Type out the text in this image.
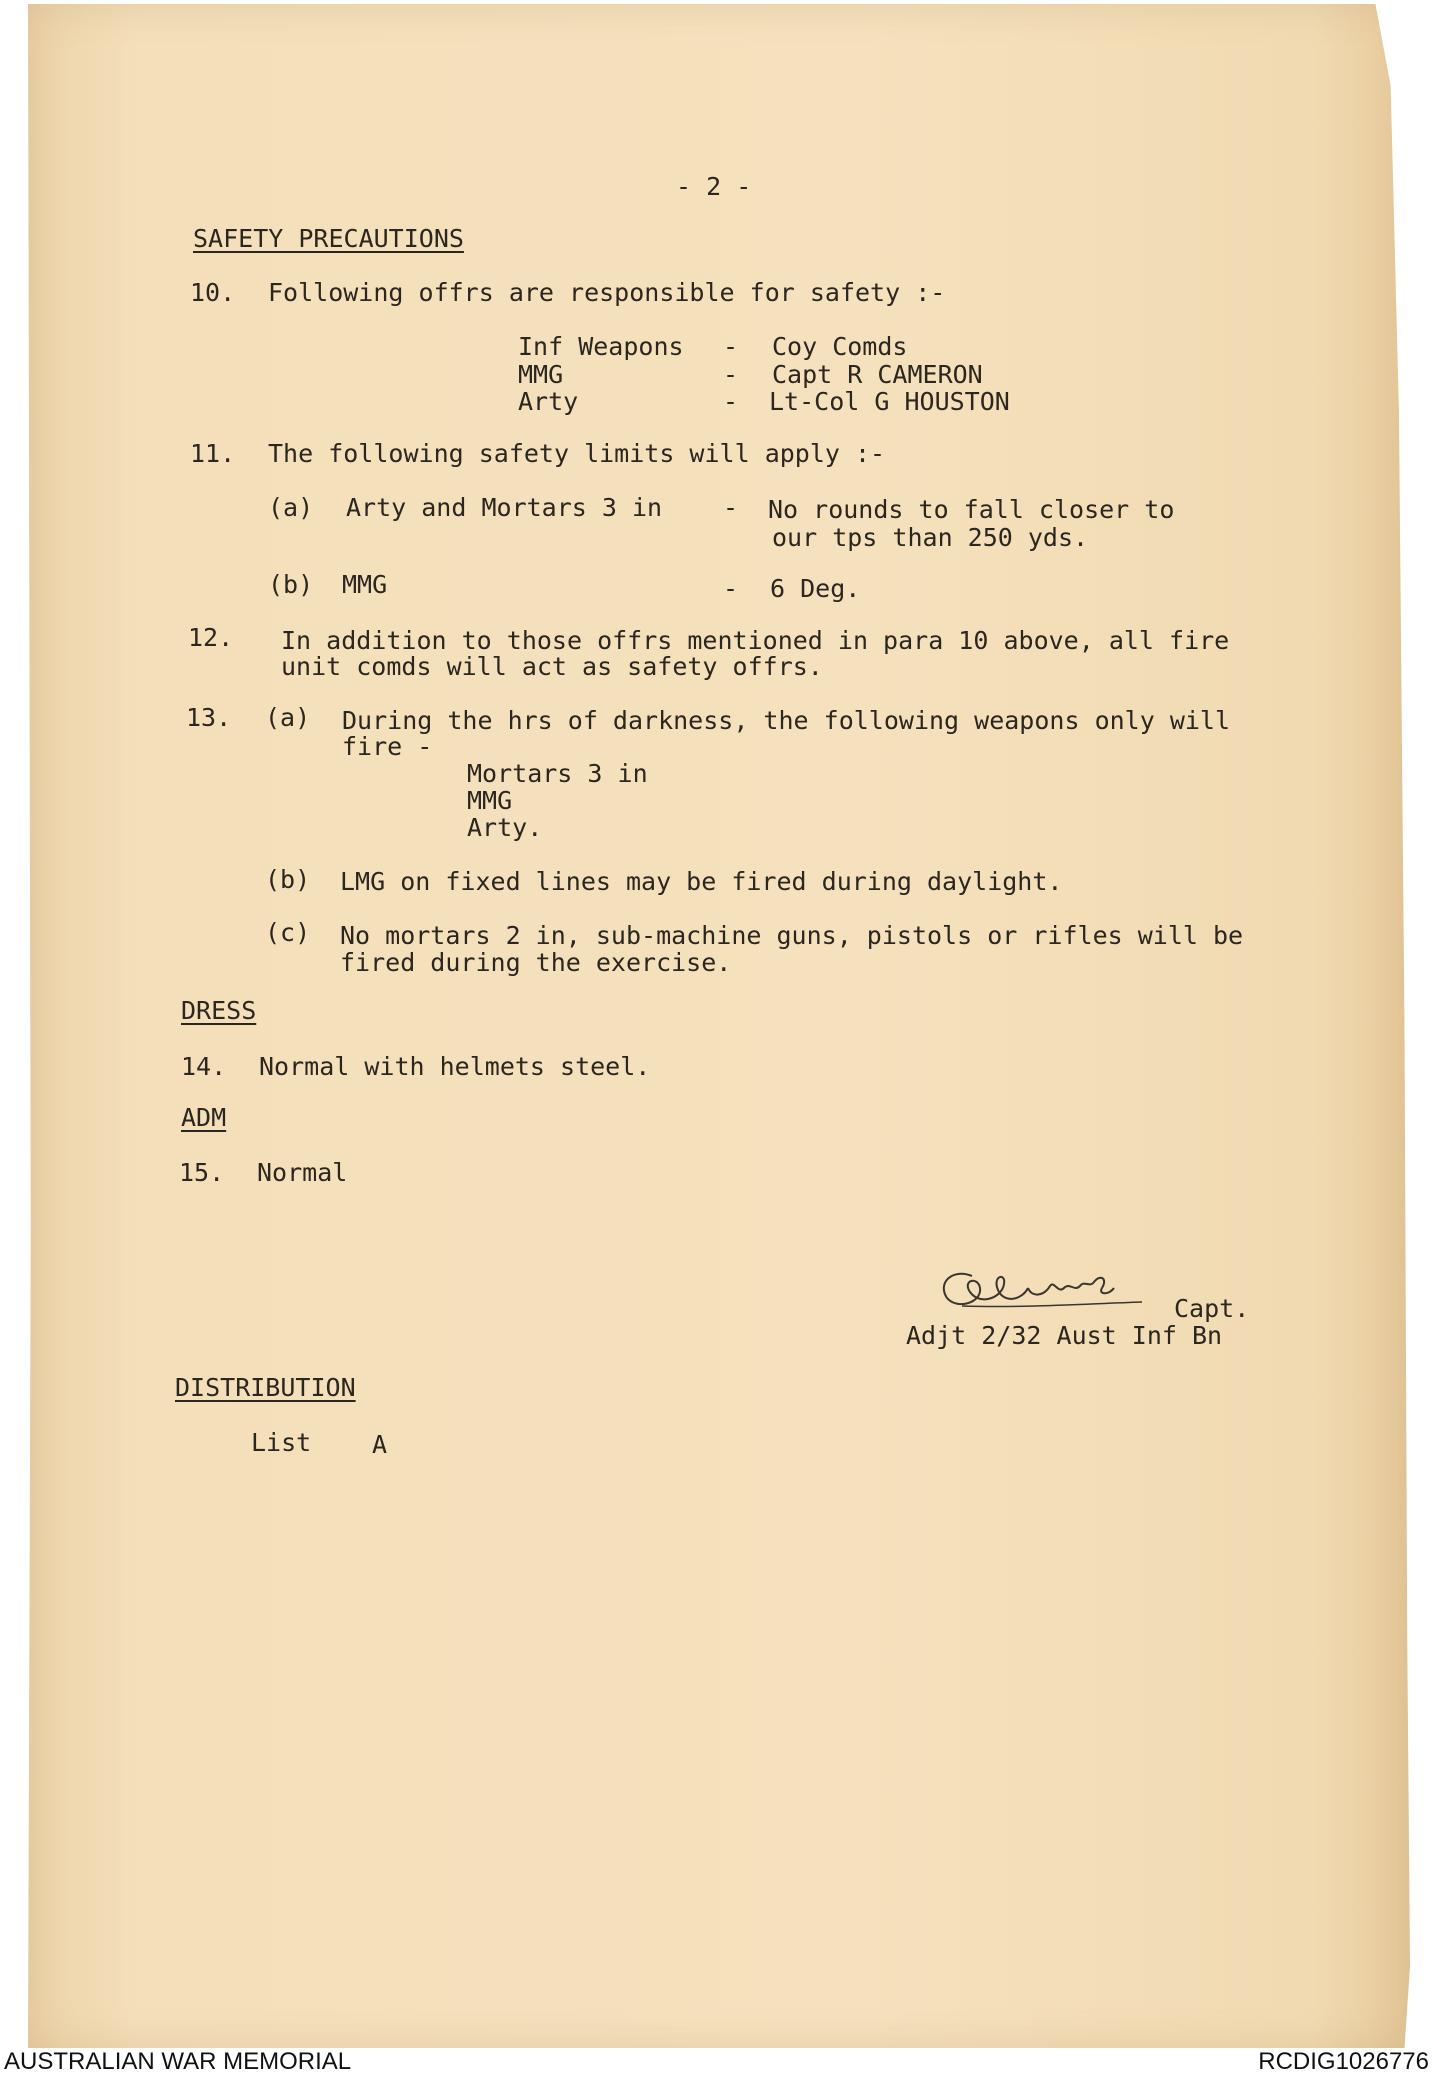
- 2 -
SAFETY PRECAUTIONS
10. Following offrs are responsible for safety :-
Inf Weapons - Coy Comds
MMG	- Capt R CAMERON
Arty	- Lt-Col G HOUSTON
11. The following safety limits will apply :-
(a) Arty and Mortars 3 in - No rounds to fall closer to
our tps than 250 yds.
(b) MMG	- 6 Deg.
12. In addition to those offrs mentioned in para 10 above, all fire
unit comds will act as safety offrs.
13. (a) During the hrs of darkness, the following weapons only will
fire -
Mortars 3 in
MMG
Arty.
(b) LMG on fixed lines may be fired during daylight.
(c) No mortars 2 in, sub-machine guns, pistols or rifles will be
fired during the exercise.
DRESS
14. Normal with helmets steel.
ADM
15. Normal
Capt.
Adjt 2/32 Aust Inf Bn
DISTRIBUTION
List A
AUSTRALIAN WAR MEMORIAL	RCDIG1026776
